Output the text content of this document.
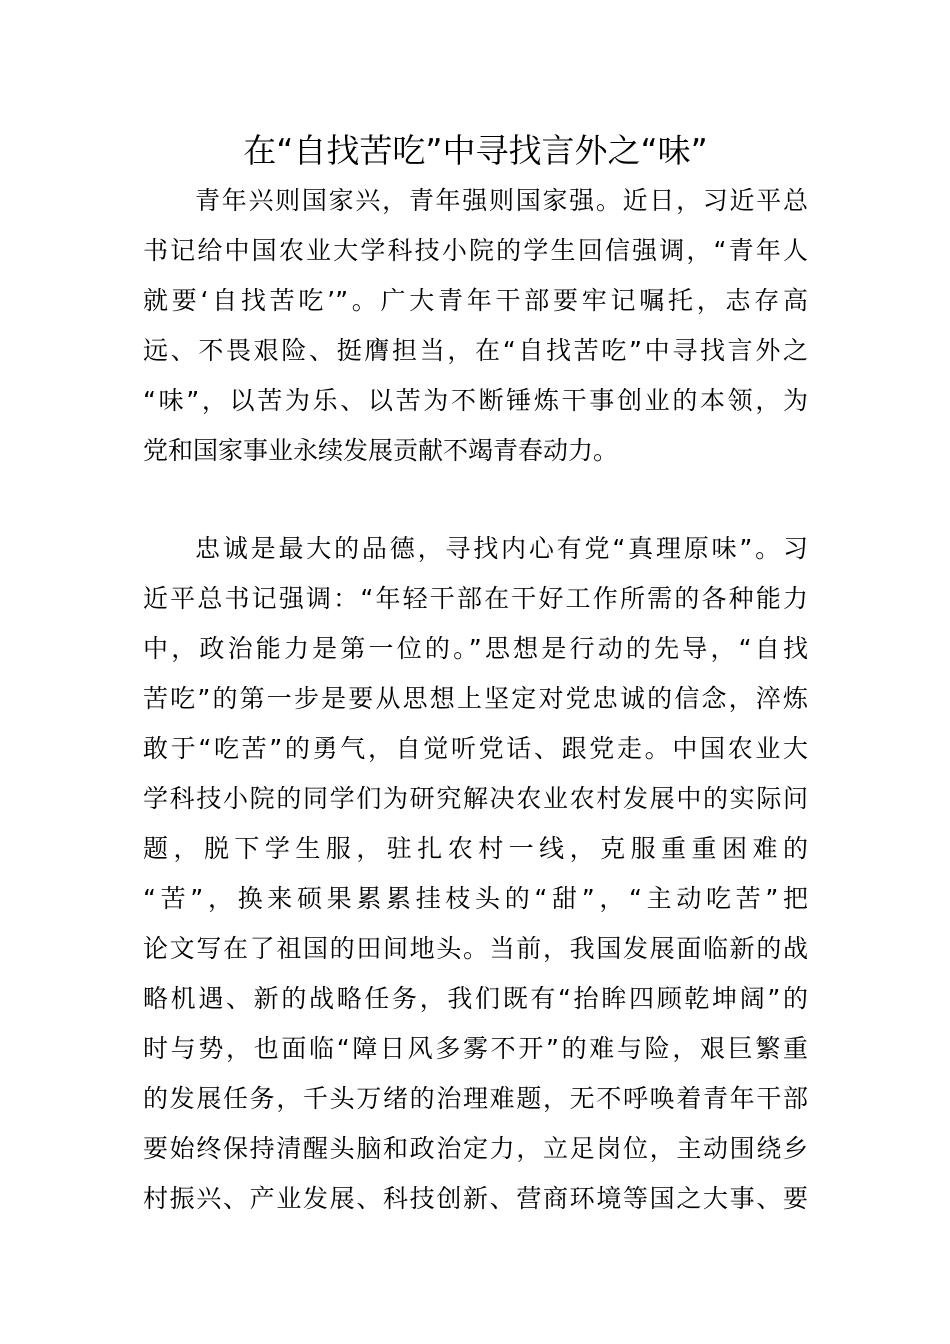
在“自找苦吃”中寻找言外之“味”
青年兴则国家兴，青年强则国家强。近日，习近平总
书记给中国农业大学科技小院的学生回信强调，“青年人
就要‘自找苦吃’”。广大青年干部要牢记嘱托，志存高
远、不畏艰险、挺膺担当，在“自找苦吃”中寻找言外之
“味”，以苦为乐、以苦为不断锤炼干事创业的本领，为
党和国家事业永续发展贡献不竭青春动力。
忠诚是最大的品德，寻找内心有党“真理原味”。习
近平总书记强调：“年轻干部在干好工作所需的各种能力
中，政治能力是第一位的。”思想是行动的先导，“自找
苦吃”的第一步是要从思想上坚定对党忠诚的信念，淬炼
敢于“吃苦”的勇气，自觉听党话、跟党走。中国农业大
学科技小院的同学们为研究解决农业农村发展中的实际问
题，脱下学生服，驻扎农村一线，克服重重困难的
“苦”，换来硕果累累挂枝头的“甜”，“主动吃苦”把
论文写在了祖国的田间地头。当前，我国发展面临新的战
略机遇、新的战略任务，我们既有“抬眸四顾乾坤阔”的
时与势，也面临“障日风多雾不开”的难与险，艰巨繁重
的发展任务，千头万绪的治理难题，无不呼唤着青年干部
要始终保持清醒头脑和政治定力，立足岗位，主动围绕乡
村振兴、产业发展、科技创新、营商环境等国之大事、要
